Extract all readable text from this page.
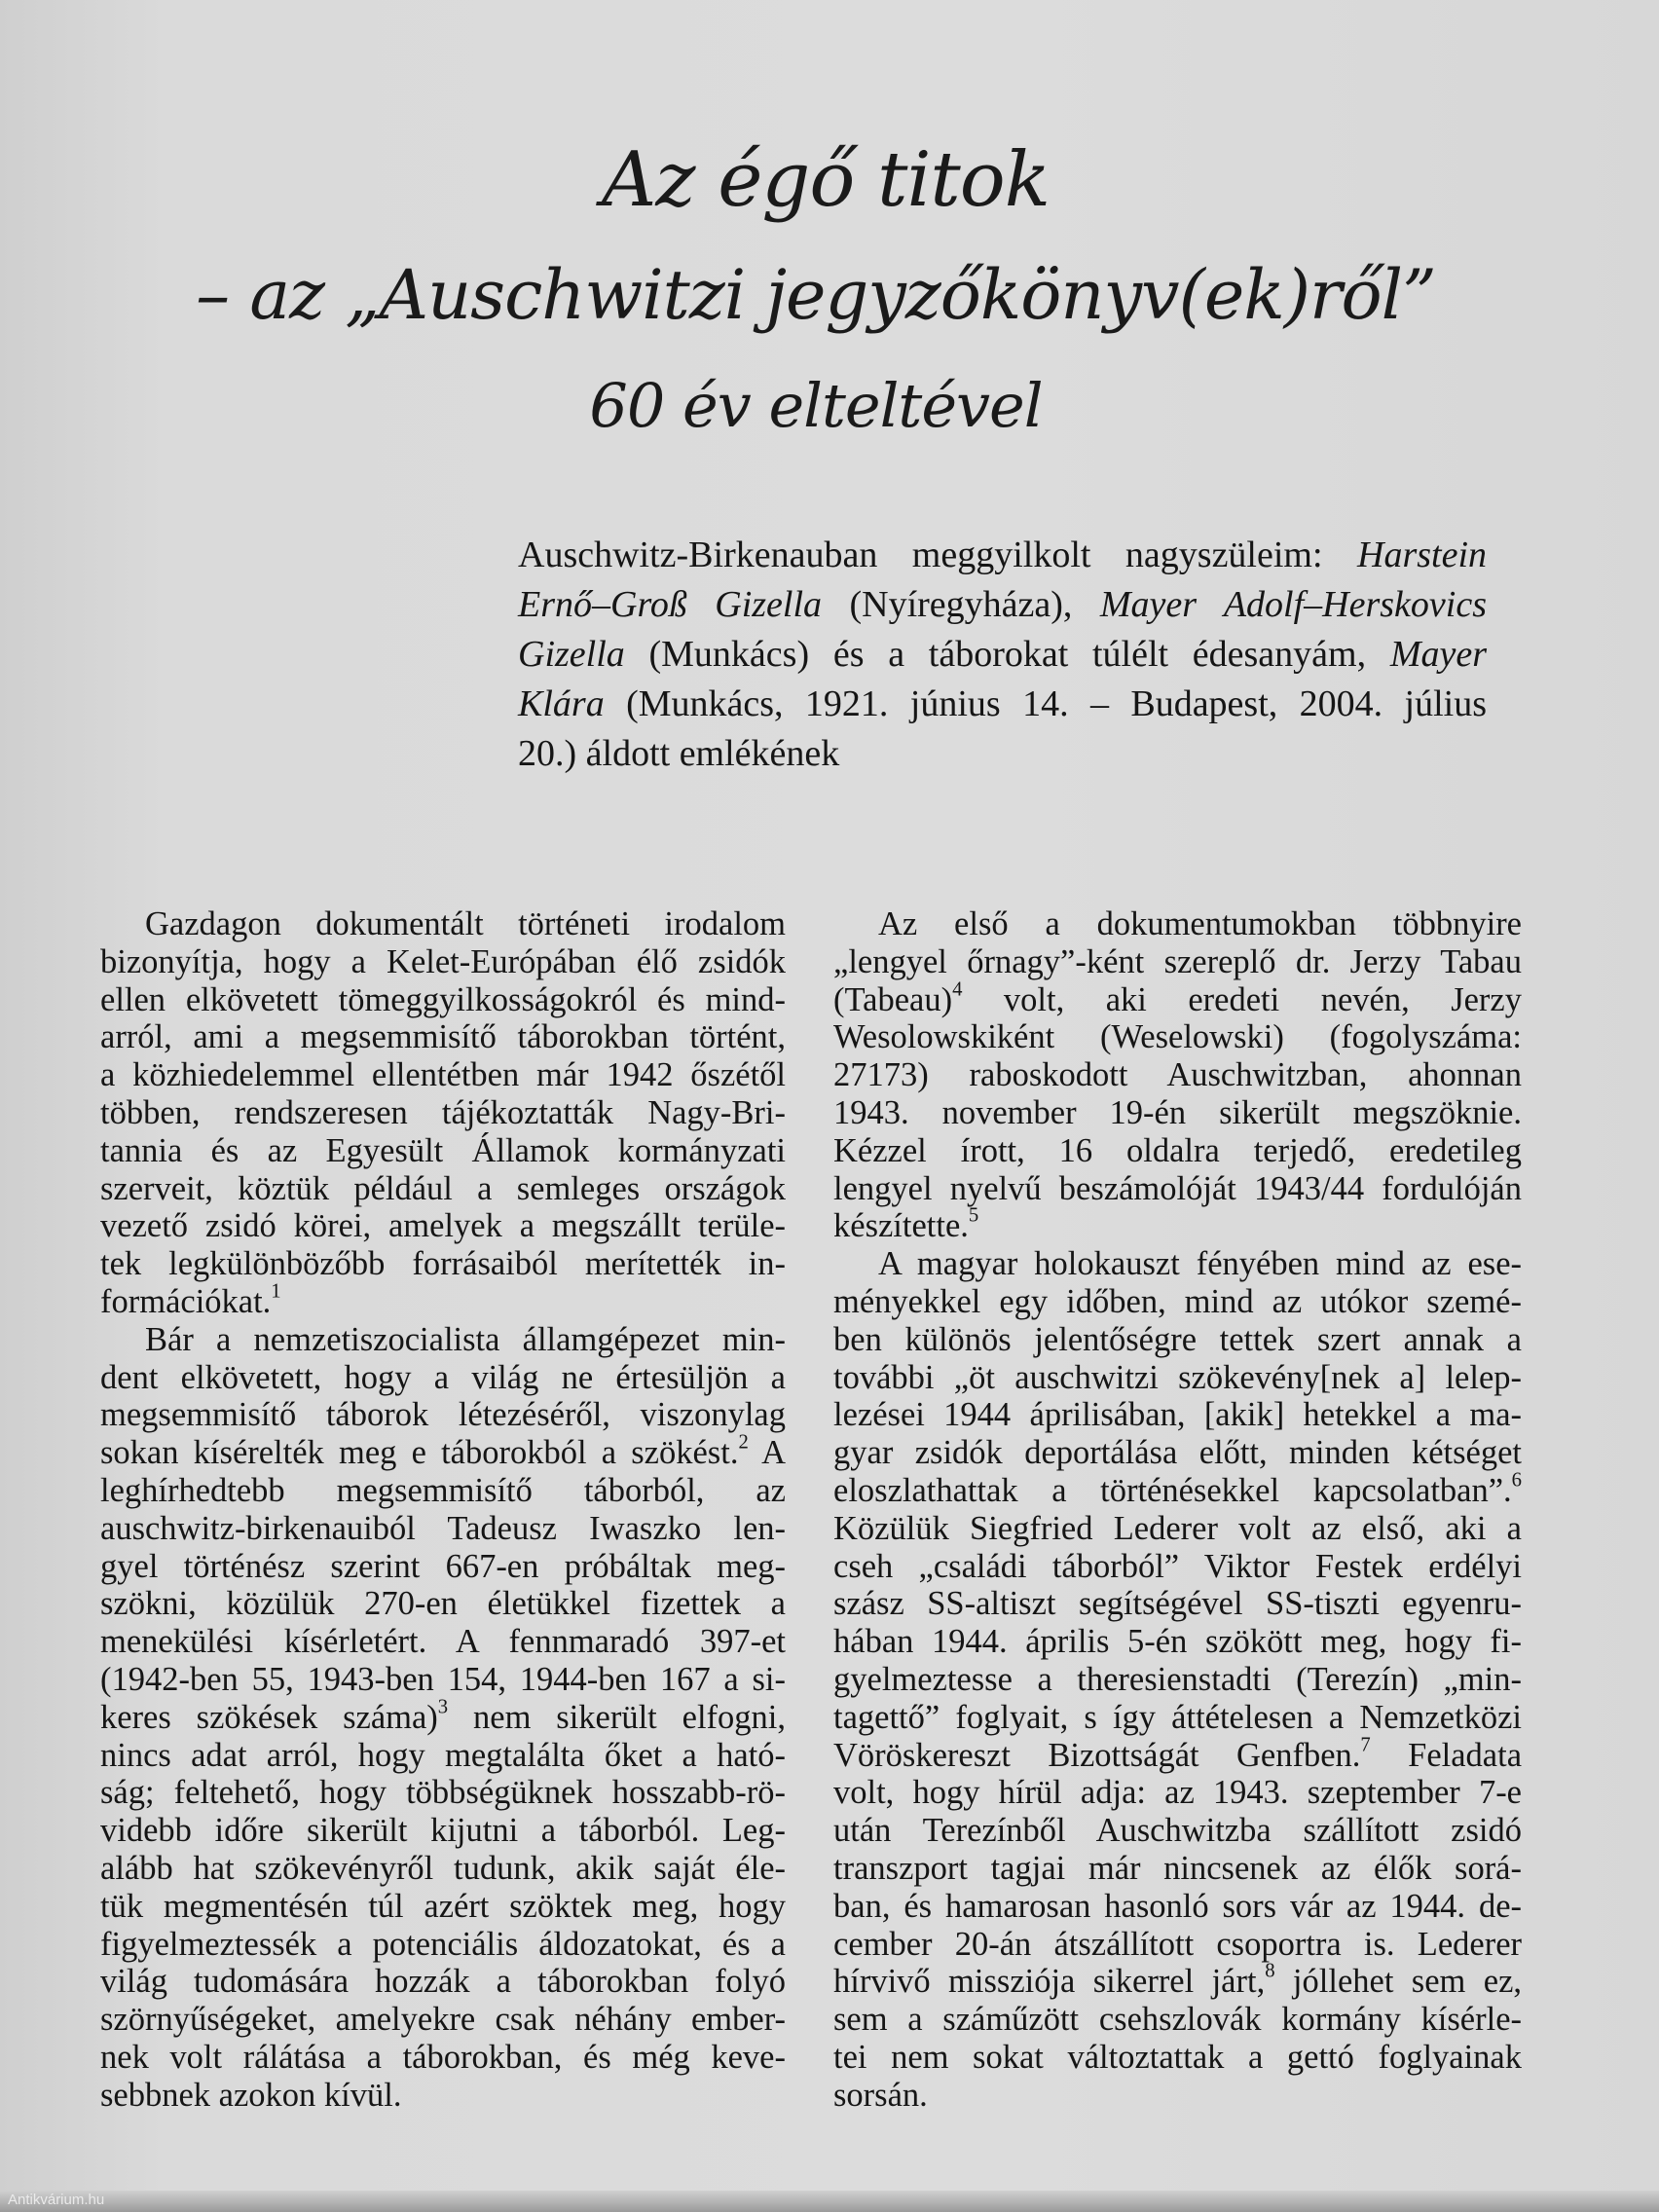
Az égő titok
– az „Auschwitzi jegyzőkönyv(ek)ről”
60 év elteltével
Auschwitz-Birkenauban meggyilkolt nagyszüleim: Harstein
Ernő–Groß Gizella (Nyíregyháza), Mayer Adolf–Herskovics
Gizella (Munkács) és a táborokat túlélt édesanyám, Mayer
Klára (Munkács, 1921. június 14. – Budapest, 2004. július
20.) áldott emlékének
Gazdagon dokumentált történeti irodalom
bizonyítja, hogy a Kelet-Európában élő zsidók
ellen elkövetett tömeggyilkosságokról és mind-
arról, ami a megsemmisítő táborokban történt,
a közhiedelemmel ellentétben már 1942 őszétől
többen, rendszeresen tájékoztatták Nagy-Bri-
tannia és az Egyesült Államok kormányzati
szerveit, köztük például a semleges országok
vezető zsidó körei, amelyek a megszállt terüle-
tek legkülönbözőbb forrásaiból merítették in-
formációkat.$^1$
Bár a nemzetiszocialista államgépezet min-
dent elkövetett, hogy a világ ne értesüljön a
megsemmisítő táborok létezéséről, viszonylag
sokan kísérelték meg e táborokból a szökést.$^2$ A
leghírhedtebb megsemmisítő táborból, az
auschwitz-birkenauiból Tadeusz Iwaszko len-
gyel történész szerint 667-en próbáltak meg-
szökni, közülük 270-en életükkel fizettek a
menekülési kísérletért. A fennmaradó 397-et
(1942-ben 55, 1943-ben 154, 1944-ben 167 a si-
keres szökések száma)$^3$ nem sikerült elfogni,
nincs adat arról, hogy megtalálta őket a ható-
ság; feltehető, hogy többségüknek hosszabb-rö-
videbb időre sikerült kijutni a táborból. Leg-
alább hat szökevényről tudunk, akik saját éle-
tük megmentésén túl azért szöktek meg, hogy
figyelmeztessék a potenciális áldozatokat, és a
világ tudomására hozzák a táborokban folyó
szörnyűségeket, amelyekre csak néhány ember-
nek volt rálátása a táborokban, és még keve-
sebbnek azokon kívül.
Az első a dokumentumokban többnyire
„lengyel őrnagy”-ként szereplő dr. Jerzy Tabau
(Tabeau)$^4$ volt, aki eredeti nevén, Jerzy
Wesolowskiként (Weselowski) (fogolyszáma:
27173) raboskodott Auschwitzban, ahonnan
1943. november 19-én sikerült megszöknie.
Kézzel írott, 16 oldalra terjedő, eredetileg
lengyel nyelvű beszámolóját 1943/44 fordulóján
készítette.$^5$
A magyar holokauszt fényében mind az ese-
ményekkel egy időben, mind az utókor szemé-
ben különös jelentőségre tettek szert annak a
további „öt auschwitzi szökevény[nek a] lelep-
lezései 1944 áprilisában, [akik] hetekkel a ma-
gyar zsidók deportálása előtt, minden kétséget
eloszlathattak a történésekkel kapcsolatban”.$^6$
Közülük Siegfried Lederer volt az első, aki a
cseh „családi táborból” Viktor Festek erdélyi
szász SS-altiszt segítségével SS-tiszti egyenru-
hában 1944. április 5-én szökött meg, hogy fi-
gyelmeztesse a theresienstadti (Terezín) „min-
tagettő” foglyait, s így áttételesen a Nemzetközi
Vöröskereszt Bizottságát Genfben.$^7$ Feladata
volt, hogy hírül adja: az 1943. szeptember 7-e
után Terezínből Auschwitzba szállított zsidó
transzport tagjai már nincsenek az élők sorá-
ban, és hamarosan hasonló sors vár az 1944. de-
cember 20-án átszállított csoportra is. Lederer
hírvivő missziója sikerrel járt,$^8$ jóllehet sem ez,
sem a száműzött csehszlovák kormány kísérle-
tei nem sokat változtattak a gettó foglyainak
sorsán.
Antikvárium.hu
